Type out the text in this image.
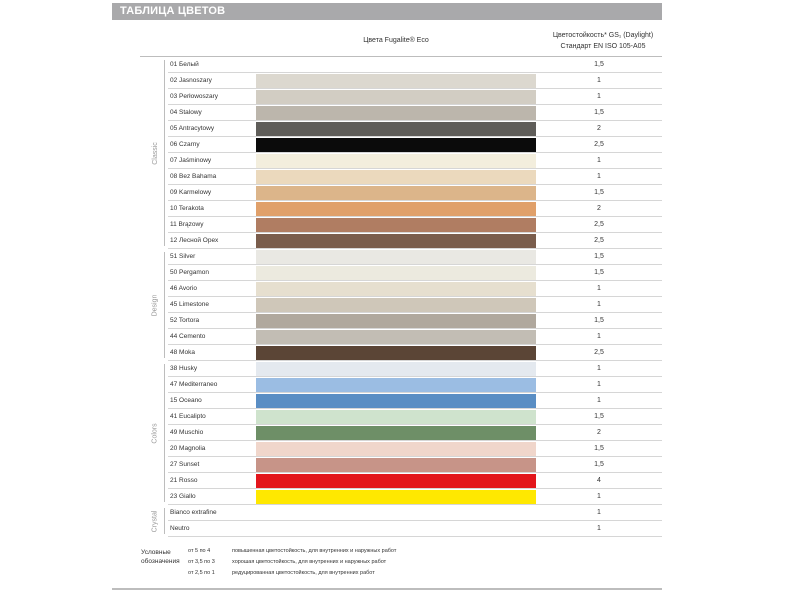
ТАБЛИЦА ЦВЕТОВ
Цвета Fugalite® Eco
Цветостойкость* GS₁ (Daylight)
Стандарт EN ISO 105-A05
01 Белый	1,5
02 Jasnoszary	1
03 Perłowoszary	1
04 Stalowy	1,5
05 Antracytowy	2
06 Czarny	2,5
07 Jaśminowy	1
08 Bez Bahama	1
09 Karmelowy	1,5
10 Terakota	2
11 Brązowy	2,5
12 Лесной Орех	2,5
Classic
51 Silver	1,5
50 Pergamon	1,5
46 Avorio	1
45 Limestone	1
52 Tortora	1,5
44 Cemento	1
48 Moka	2,5
Design
38 Husky	1
47 Mediterraneo	1
15 Oceano	1
41 Eucalipto	1,5
49 Muschio	2
20 Magnolia	1,5
27 Sunset	1,5
21 Rosso	4
23 Giallo	1
Colors
Bianco extrafine	1
Neutro	1
Crystal
Условные
обозначения
от 5 по 4	повышенная цветостойкость, для внутренних и наружных работ
от 3,5 по 3	хорошая цветостойкость, для внутренних и наружных работ
от 2,5 по 1	редуцированная цветостойкость, для внутренних работ
